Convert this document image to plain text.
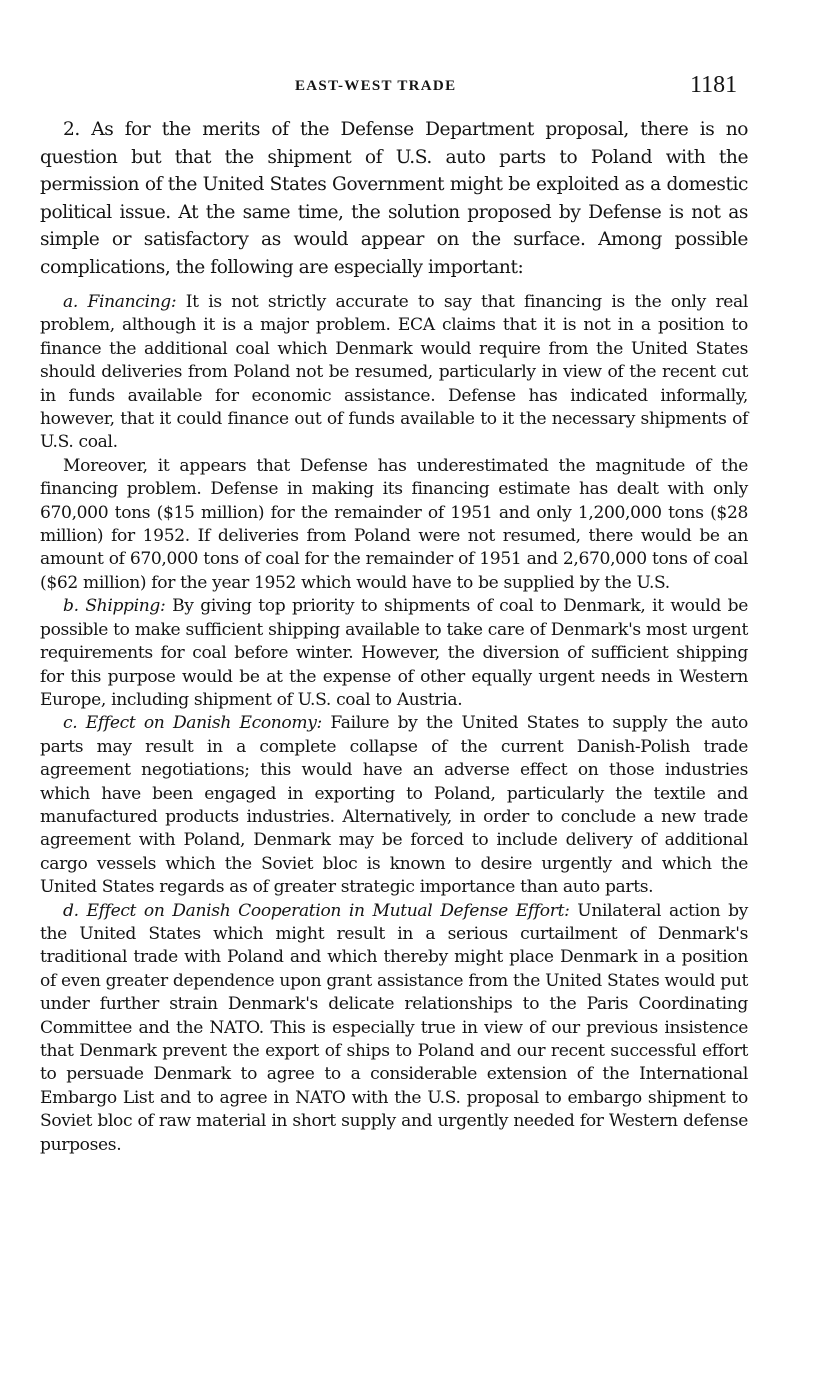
EAST-WEST TRADE	1181

2. As for the merits of the Defense Department proposal, there is no question but that the shipment of U.S. auto parts to Poland with the permission of the United States Government might be exploited as a domestic political issue. At the same time, the solution proposed by Defense is not as simple or satisfactory as would appear on the surface. Among possible complications, the following are especially important:

a. Financing: It is not strictly accurate to say that financing is the only real problem, although it is a major problem. ECA claims that it is not in a position to finance the additional coal which Denmark would require from the United States should deliveries from Poland not be resumed, particularly in view of the recent cut in funds available for economic assistance. Defense has indicated informally, however, that it could finance out of funds available to it the necessary shipments of U.S. coal.

Moreover, it appears that Defense has underestimated the magnitude of the financing problem. Defense in making its financing estimate has dealt with only 670,000 tons ($15 million) for the remainder of 1951 and only 1,200,000 tons ($28 million) for 1952. If deliveries from Poland were not resumed, there would be an amount of 670,000 tons of coal for the remainder of 1951 and 2,670,000 tons of coal ($62 million) for the year 1952 which would have to be supplied by the U.S.

b. Shipping: By giving top priority to shipments of coal to Denmark, it would be possible to make sufficient shipping available to take care of Denmark's most urgent requirements for coal before winter. However, the diversion of sufficient shipping for this purpose would be at the expense of other equally urgent needs in Western Europe, including shipment of U.S. coal to Austria.

c. Effect on Danish Economy: Failure by the United States to supply the auto parts may result in a complete collapse of the current Danish-Polish trade agreement negotiations; this would have an adverse effect on those industries which have been engaged in exporting to Poland, particularly the textile and manufactured products industries. Alternatively, in order to conclude a new trade agreement with Poland, Denmark may be forced to include delivery of additional cargo vessels which the Soviet bloc is known to desire urgently and which the United States regards as of greater strategic importance than auto parts.

d. Effect on Danish Cooperation in Mutual Defense Effort: Unilateral action by the United States which might result in a serious curtailment of Denmark's traditional trade with Poland and which thereby might place Denmark in a position of even greater dependence upon grant assistance from the United States would put under further strain Denmark's delicate relationships to the Paris Coordinating Committee and the NATO. This is especially true in view of our previous insistence that Denmark prevent the export of ships to Poland and our recent successful effort to persuade Denmark to agree to a considerable extension of the International Embargo List and to agree in NATO with the U.S. proposal to embargo shipment to Soviet bloc of raw material in short supply and urgently needed for Western defense purposes.
